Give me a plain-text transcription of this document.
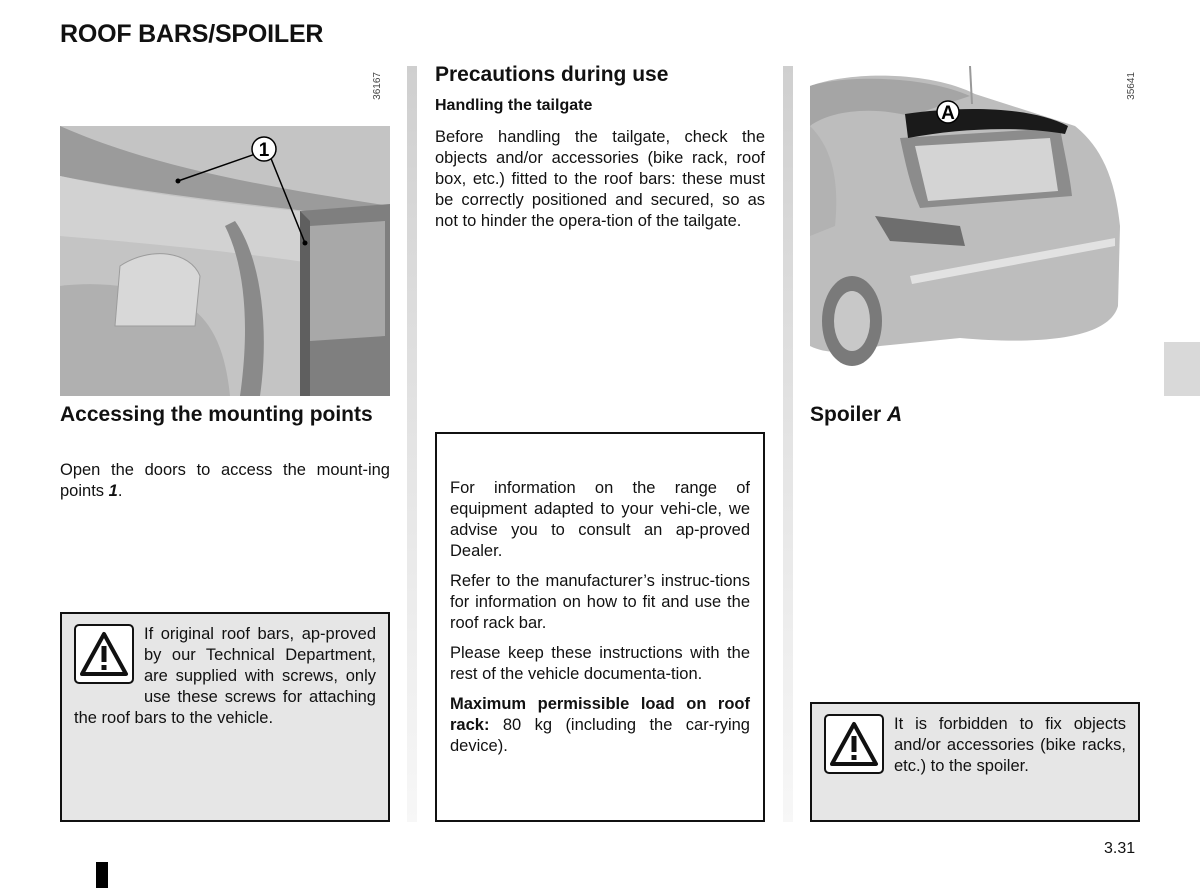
ROOF BARS/SPOILER
36167
1
Accessing the mounting points
Open the doors to access the mount-ing points 1.
If original roof bars, ap-proved by our Technical Department, are supplied with screws, only use these screws for attaching the roof bars to the vehicle.
Precautions during use
Handling the tailgate
Before handling the tailgate, check the objects and/or accessories (bike rack, roof box, etc.) fitted to the roof bars: these must be correctly positioned and secured, so as not to hinder the opera-tion of the tailgate.

For information on the range of equipment adapted to your vehi-cle, we advise you to consult an ap-proved Dealer.

Refer to the manufacturer’s instruc-tions for information on how to fit and use the roof rack bar.

Please keep these instructions with the rest of the vehicle documenta-tion.

Maximum permissible load on roof rack: 80 kg (including the car-rying device).

35641
A
Spoiler A
It is forbidden to fix objects and/or accessories (bike racks, etc.) to the spoiler.
3.31
